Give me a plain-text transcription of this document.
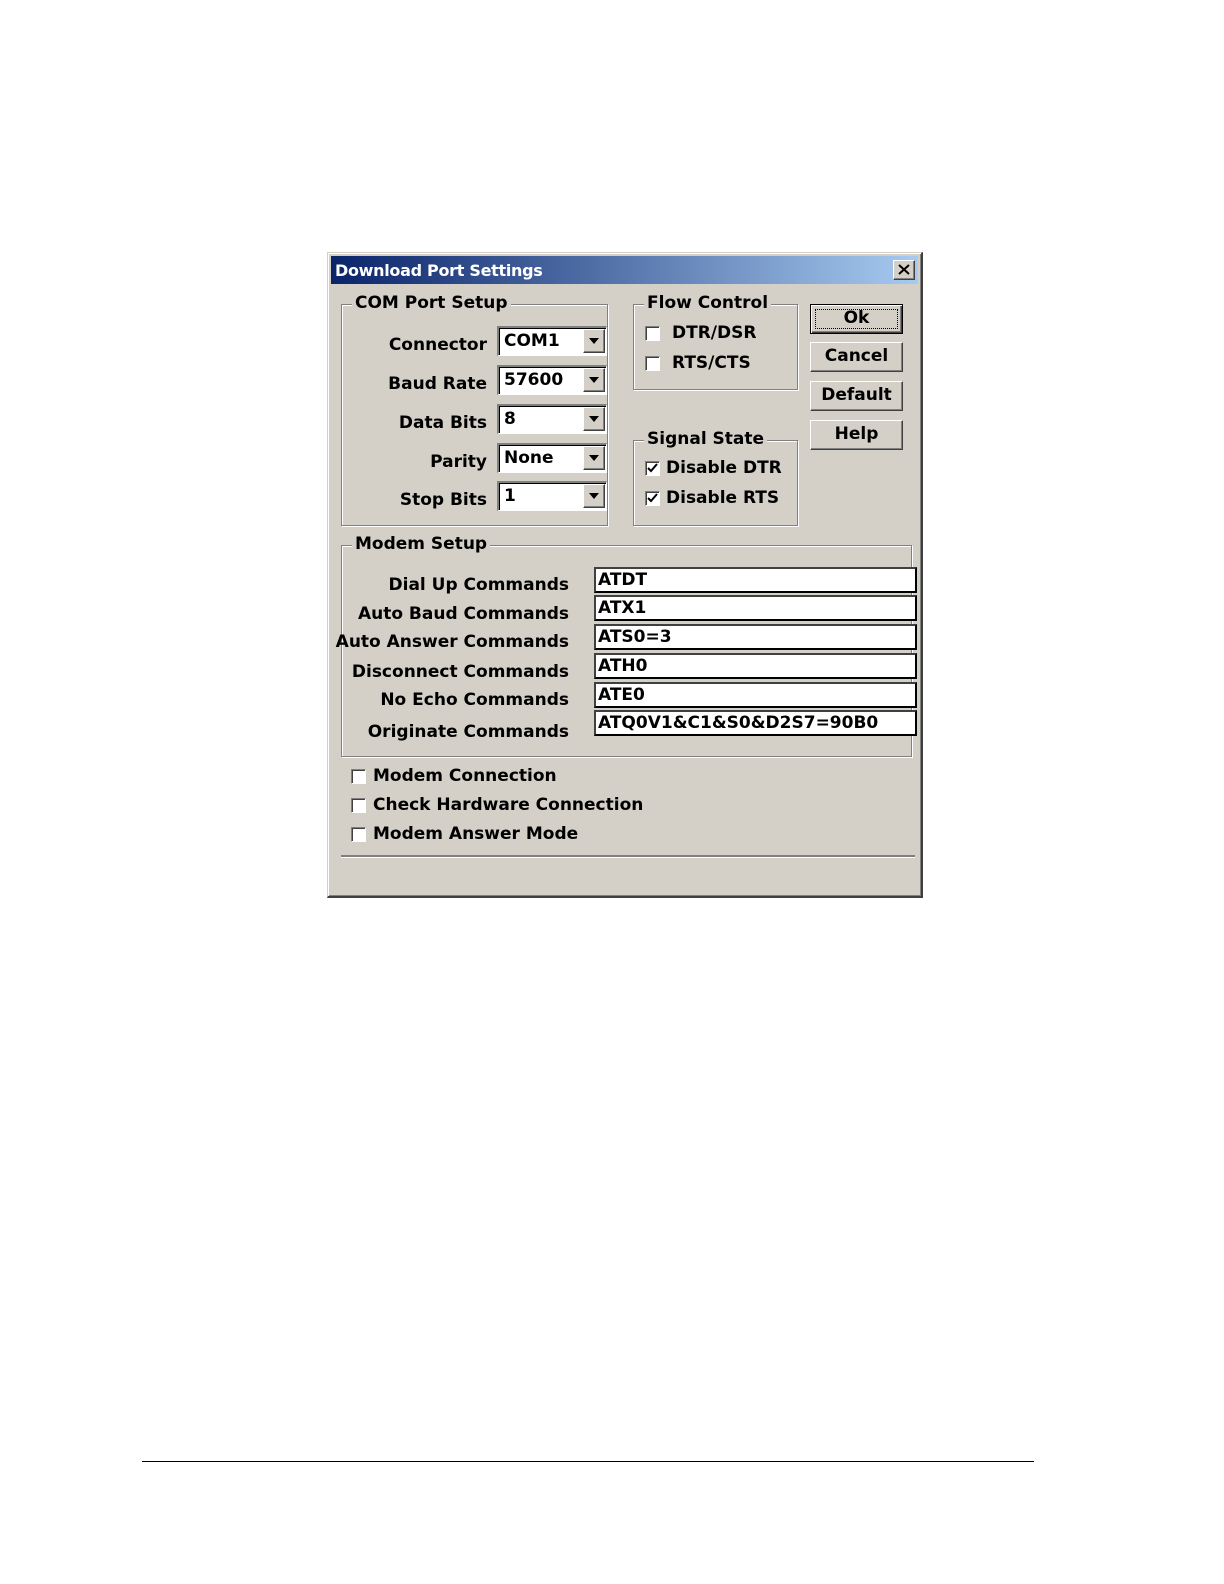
Download Port Settings
COM Port Setup
Connector COM1
Baud Rate 57600
Data Bits 8
Parity None
Stop Bits 1
Flow Control
DTR/DSR
RTS/CTS
Signal State
Disable DTR
Disable RTS
Ok
Cancel
Default
Help
Modem Setup
Dial Up Commands ATDT
Auto Baud Commands ATX1
Auto Answer Commands ATS0=3
Disconnect Commands ATH0
No Echo Commands ATE0
Originate Commands ATQ0V1&C1&S0&D2S7=90B0
Modem Connection
Check Hardware Connection
Modem Answer Mode
